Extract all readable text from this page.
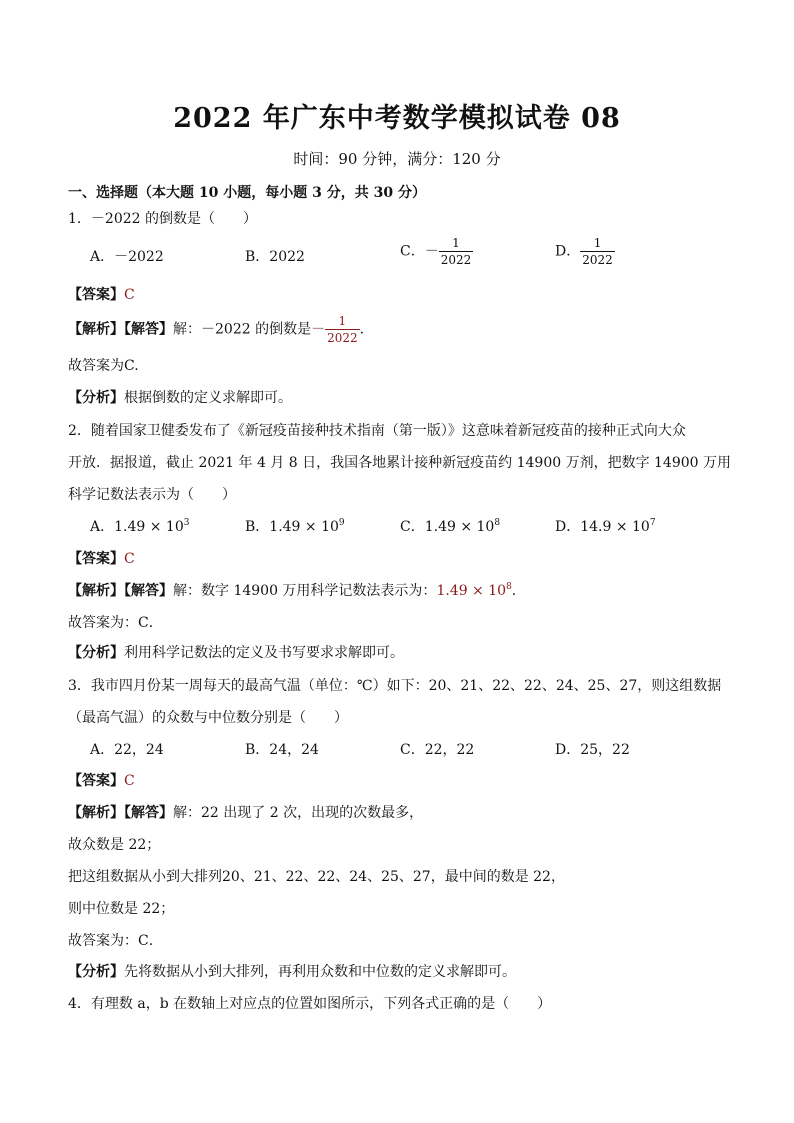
2022 年广东中考数学模拟试卷 08
时间：90 分钟，满分：120 分
一、选择题（本大题 10 小题，每小题 3 分，共 30 分）
1．－2022 的倒数是（　　）
A．－2022	B．2022	C．－ $\frac{1}{2022}$	D． $\frac{1}{2022}$
【答案】C
【解析】【解答】解：－2022 的倒数是－ $\frac{1}{2022}$ .
故答案为C.
【分析】根据倒数的定义求解即可。
2．随着国家卫健委发布了《新冠疫苗接种技术指南（第一版）》这意味着新冠疫苗的接种正式向大众
开放．据报道，截止 2021 年 4 月 8 日，我国各地累计接种新冠疫苗约 14900 万剂，把数字 14900 万用
科学记数法表示为（　　）
A．$1.49 \times 10^3$	B．$1.49 \times 10^9$	C．$1.49 \times 10^8$	D．$14.9 \times 10^7$
【答案】C
【解析】【解答】解：数字 14900 万用科学记数法表示为：$1.49 \times 10^8$.
故答案为：C．
【分析】利用科学记数法的定义及书写要求求解即可。
3．我市四月份某一周每天的最高气温（单位：℃）如下：20、21、22、22、24、25、27，则这组数据
（最高气温）的众数与中位数分别是（　　）
A．22，24	B．24，24	C．22，22	D．25，22
【答案】C
【解析】【解答】解：22 出现了 2 次，出现的次数最多，
故众数是 22；
把这组数据从小到大排列20、21、22、22、24、25、27，最中间的数是 22，
则中位数是 22；
故答案为：C．
【分析】先将数据从小到大排列，再利用众数和中位数的定义求解即可。
4．有理数 a，b 在数轴上对应点的位置如图所示，下列各式正确的是（　　）
